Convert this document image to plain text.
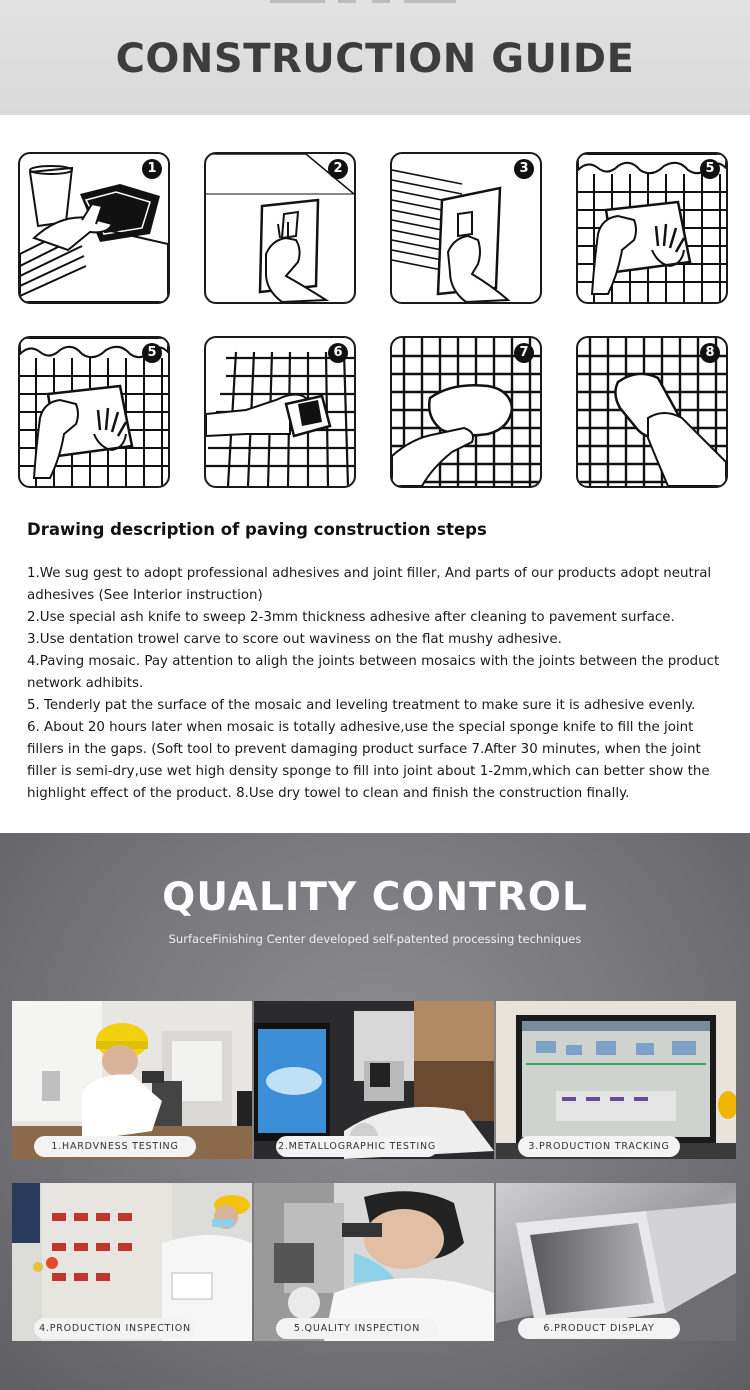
CONSTRUCTION GUIDE
1	2	3	5
5	6	7	8
Drawing description of paving construction steps

1.We sug gest to adopt professional adhesives and joint filler, And parts of our products adopt neutral adhesives (See Interior instruction)

2.Use special ash knife to sweep 2-3mm thickness adhesive after cleaning to pavement surface.

3.Use dentation trowel carve to score out waviness on the flat mushy adhesive.

4.Paving mosaic. Pay attention to aligh the joints between mosaics with the joints between the product network adhibits.

5. Tenderly pat the surface of the mosaic and leveling treatment to make sure it is adhesive evenly.

6. About 20 hours later when mosaic is totally adhesive,use the special sponge knife to fill the joint fillers in the gaps. (Soft tool to prevent damaging product surface 7.After 30 minutes, when the joint filler is semi-dry,use wet high density sponge to fill into joint about 1-2mm,which can better show the highlight effect of the product. 8.Use dry towel to clean and finish the construction finally.

QUALITY CONTROL
SurfaceFinishing Center developed self-patented processing techniques
1.HARDVNESS TESTING	2.METALLOGRAPHIC TESTING	3.PRODUCTION TRACKING
4.PRODUCTION INSPECTION	5.QUALITY INSPECTION	6.PRODUCT DISPLAY
